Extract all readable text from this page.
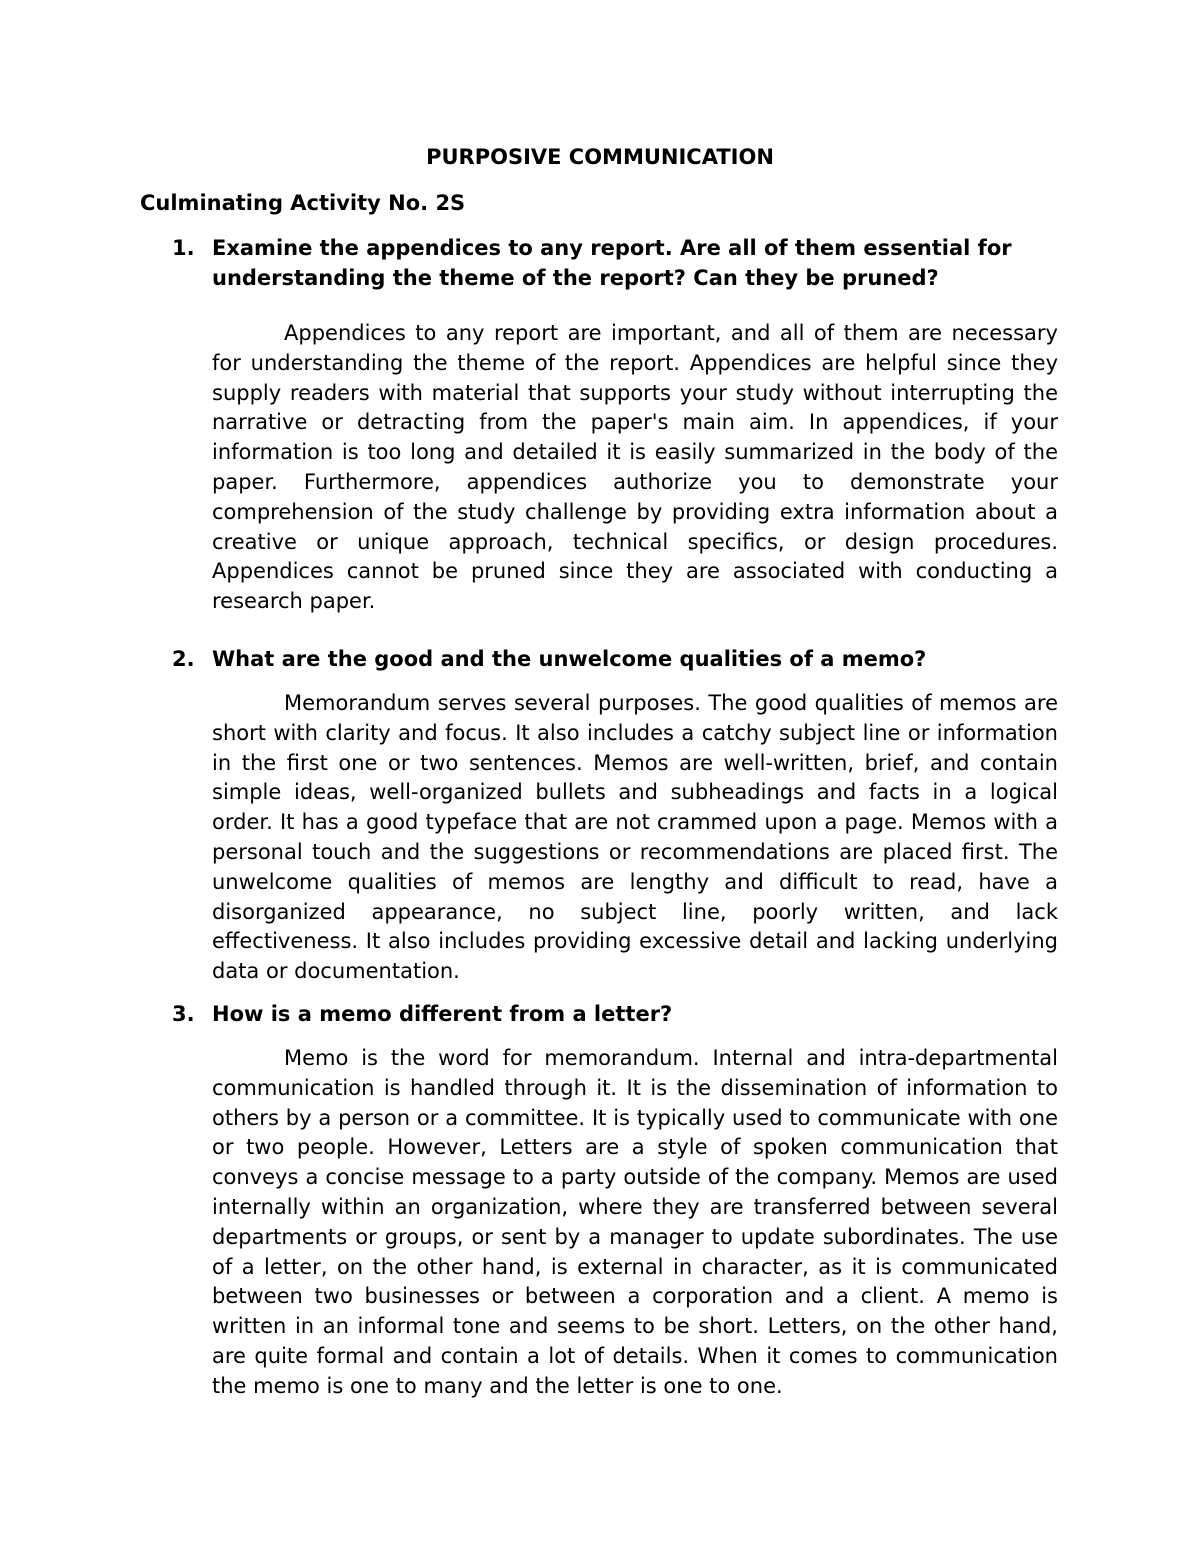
PURPOSIVE COMMUNICATION
Culminating Activity No. 2S
1. Examine the appendices to any report. Are all of them essential for understanding the theme of the report? Can they be pruned?

Appendices to any report are important, and all of them are necessary for understanding the theme of the report. Appendices are helpful since they supply readers with material that supports your study without interrupting the narrative or detracting from the paper's main aim. In appendices, if your information is too long and detailed it is easily summarized in the body of the paper. Furthermore, appendices authorize you to demonstrate your comprehension of the study challenge by providing extra information about a creative or unique approach, technical specifics, or design procedures. Appendices cannot be pruned since they are associated with conducting a research paper.

2. What are the good and the unwelcome qualities of a memo?

Memorandum serves several purposes. The good qualities of memos are short with clarity and focus. It also includes a catchy subject line or information in the first one or two sentences. Memos are well-written, brief, and contain simple ideas, well-organized bullets and subheadings and facts in a logical order. It has a good typeface that are not crammed upon a page. Memos with a personal touch and the suggestions or recommendations are placed first. The unwelcome qualities of memos are lengthy and difficult to read, have a disorganized appearance, no subject line, poorly written, and lack effectiveness. It also includes providing excessive detail and lacking underlying data or documentation.

3. How is a memo different from a letter?

Memo is the word for memorandum. Internal and intra-departmental communication is handled through it. It is the dissemination of information to others by a person or a committee. It is typically used to communicate with one or two people. However, Letters are a style of spoken communication that conveys a concise message to a party outside of the company. Memos are used internally within an organization, where they are transferred between several departments or groups, or sent by a manager to update subordinates. The use of a letter, on the other hand, is external in character, as it is communicated between two businesses or between a corporation and a client. A memo is written in an informal tone and seems to be short. Letters, on the other hand, are quite formal and contain a lot of details. When it comes to communication the memo is one to many and the letter is one to one.
